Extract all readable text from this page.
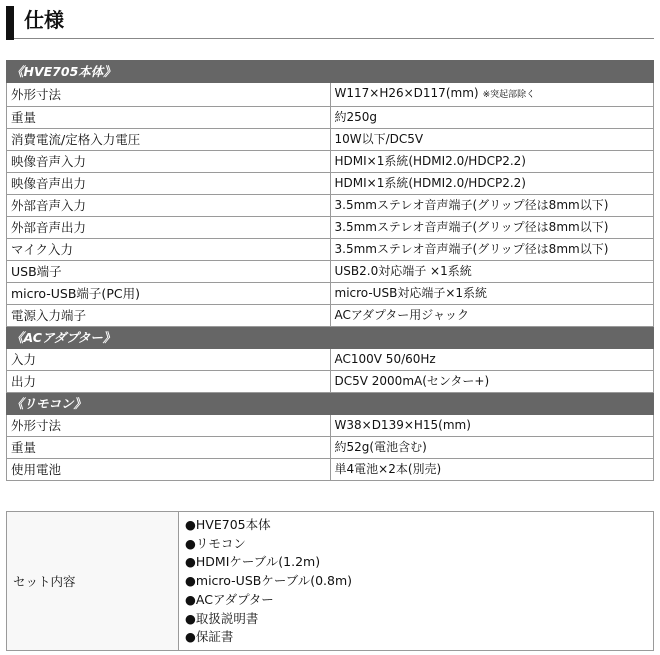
仕様
《HVE705本体》	
外形寸法	W117×H26×D117(mm) ※突起部除く
重量	約250g
消費電流/定格入力電圧	10W以下/DC5V
映像音声入力	HDMI×1系統(HDMI2.0/HDCP2.2)
映像音声出力	HDMI×1系統(HDMI2.0/HDCP2.2)
外部音声入力	3.5mmステレオ音声端子(グリップ径は8mm以下)
外部音声出力	3.5mmステレオ音声端子(グリップ径は8mm以下)
マイク入力	3.5mmステレオ音声端子(グリップ径は8mm以下)
USB端子	USB2.0対応端子 ×1系統
micro-USB端子(PC用)	micro-USB対応端子×1系統
電源入力端子	ACアダプター用ジャック
《ACアダプター》	
入力	AC100V 50/60Hz
出力	DC5V 2000mA(センター+)
《リモコン》	
外形寸法	W38×D139×H15(mm)
重量	約52g(電池含む)
使用電池	単4電池×2本(別売)
セット内容	
●HVE705本体
●リモコン
●HDMIケーブル(1.2m)
●micro-USBケーブル(0.8m)
●ACアダプター
●取扱説明書
●保証書
